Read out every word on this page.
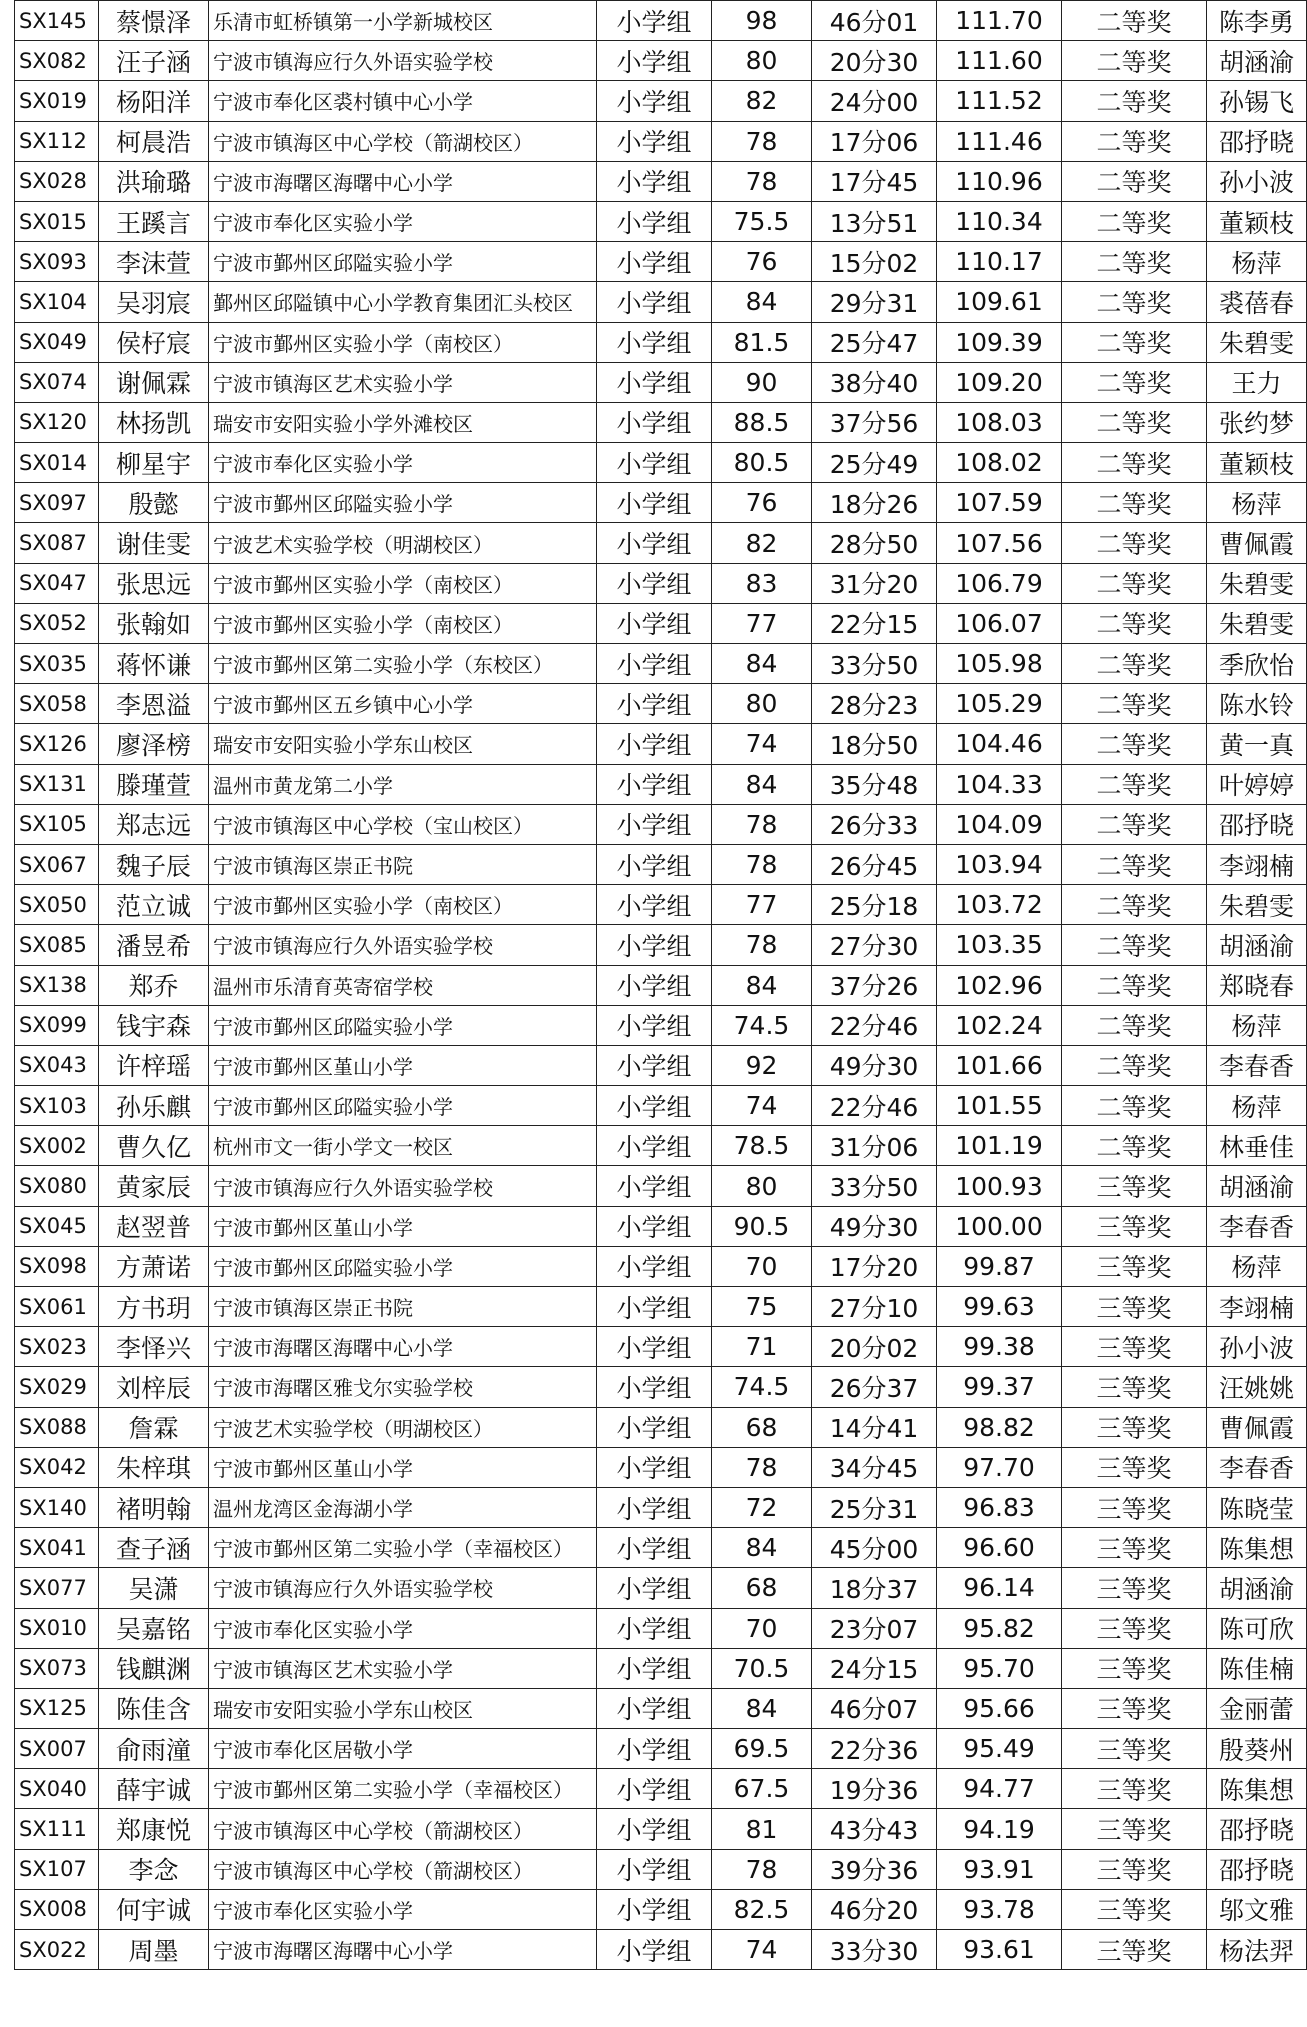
SX145	蔡憬泽	乐清市虹桥镇第一小学新城校区	小学组	98	46分01	111.70	二等奖	陈李勇
SX082	汪子涵	宁波市镇海应行久外语实验学校	小学组	80	20分30	111.60	二等奖	胡涵渝
SX019	杨阳洋	宁波市奉化区裘村镇中心小学	小学组	82	24分00	111.52	二等奖	孙锡飞
SX112	柯晨浩	宁波市镇海区中心学校（箭湖校区）	小学组	78	17分06	111.46	二等奖	邵抒晓
SX028	洪瑜璐	宁波市海曙区海曙中心小学	小学组	78	17分45	110.96	二等奖	孙小波
SX015	王蹊言	宁波市奉化区实验小学	小学组	75.5	13分51	110.34	二等奖	董颖枝
SX093	李沫萱	宁波市鄞州区邱隘实验小学	小学组	76	15分02	110.17	二等奖	杨萍
SX104	吴羽宸	鄞州区邱隘镇中心小学教育集团汇头校区	小学组	84	29分31	109.61	二等奖	裘蓓春
SX049	侯杍宸	宁波市鄞州区实验小学（南校区）	小学组	81.5	25分47	109.39	二等奖	朱碧雯
SX074	谢佩霖	宁波市镇海区艺术实验小学	小学组	90	38分40	109.20	二等奖	王力
SX120	林扬凯	瑞安市安阳实验小学外滩校区	小学组	88.5	37分56	108.03	二等奖	张约梦
SX014	柳星宇	宁波市奉化区实验小学	小学组	80.5	25分49	108.02	二等奖	董颖枝
SX097	殷懿	宁波市鄞州区邱隘实验小学	小学组	76	18分26	107.59	二等奖	杨萍
SX087	谢佳雯	宁波艺术实验学校（明湖校区）	小学组	82	28分50	107.56	二等奖	曹佩霞
SX047	张思远	宁波市鄞州区实验小学（南校区）	小学组	83	31分20	106.79	二等奖	朱碧雯
SX052	张翰如	宁波市鄞州区实验小学（南校区）	小学组	77	22分15	106.07	二等奖	朱碧雯
SX035	蒋怀谦	宁波市鄞州区第二实验小学（东校区）	小学组	84	33分50	105.98	二等奖	季欣怡
SX058	李恩溢	宁波市鄞州区五乡镇中心小学	小学组	80	28分23	105.29	二等奖	陈水铃
SX126	廖泽榜	瑞安市安阳实验小学东山校区	小学组	74	18分50	104.46	二等奖	黄一真
SX131	滕瑾萱	温州市黄龙第二小学	小学组	84	35分48	104.33	二等奖	叶婷婷
SX105	郑志远	宁波市镇海区中心学校（宝山校区）	小学组	78	26分33	104.09	二等奖	邵抒晓
SX067	魏子辰	宁波市镇海区崇正书院	小学组	78	26分45	103.94	二等奖	李翊楠
SX050	范立诚	宁波市鄞州区实验小学（南校区）	小学组	77	25分18	103.72	二等奖	朱碧雯
SX085	潘昱希	宁波市镇海应行久外语实验学校	小学组	78	27分30	103.35	二等奖	胡涵渝
SX138	郑乔	温州市乐清育英寄宿学校	小学组	84	37分26	102.96	二等奖	郑晓春
SX099	钱宇森	宁波市鄞州区邱隘实验小学	小学组	74.5	22分46	102.24	二等奖	杨萍
SX043	许梓瑶	宁波市鄞州区堇山小学	小学组	92	49分30	101.66	二等奖	李春香
SX103	孙乐麒	宁波市鄞州区邱隘实验小学	小学组	74	22分46	101.55	二等奖	杨萍
SX002	曹久亿	杭州市文一街小学文一校区	小学组	78.5	31分06	101.19	二等奖	林垂佳
SX080	黄家辰	宁波市镇海应行久外语实验学校	小学组	80	33分50	100.93	三等奖	胡涵渝
SX045	赵翌普	宁波市鄞州区堇山小学	小学组	90.5	49分30	100.00	三等奖	李春香
SX098	方萧诺	宁波市鄞州区邱隘实验小学	小学组	70	17分20	99.87	三等奖	杨萍
SX061	方书玥	宁波市镇海区崇正书院	小学组	75	27分10	99.63	三等奖	李翊楠
SX023	李怿兴	宁波市海曙区海曙中心小学	小学组	71	20分02	99.38	三等奖	孙小波
SX029	刘梓辰	宁波市海曙区雅戈尔实验学校	小学组	74.5	26分37	99.37	三等奖	汪姚姚
SX088	詹霖	宁波艺术实验学校（明湖校区）	小学组	68	14分41	98.82	三等奖	曹佩霞
SX042	朱梓琪	宁波市鄞州区堇山小学	小学组	78	34分45	97.70	三等奖	李春香
SX140	褚明翰	温州龙湾区金海湖小学	小学组	72	25分31	96.83	三等奖	陈晓莹
SX041	查子涵	宁波市鄞州区第二实验小学（幸福校区）	小学组	84	45分00	96.60	三等奖	陈集想
SX077	吴潇	宁波市镇海应行久外语实验学校	小学组	68	18分37	96.14	三等奖	胡涵渝
SX010	吴嘉铭	宁波市奉化区实验小学	小学组	70	23分07	95.82	三等奖	陈可欣
SX073	钱麒渊	宁波市镇海区艺术实验小学	小学组	70.5	24分15	95.70	三等奖	陈佳楠
SX125	陈佳含	瑞安市安阳实验小学东山校区	小学组	84	46分07	95.66	三等奖	金丽蕾
SX007	俞雨潼	宁波市奉化区居敬小学	小学组	69.5	22分36	95.49	三等奖	殷葵州
SX040	薛宇诚	宁波市鄞州区第二实验小学（幸福校区）	小学组	67.5	19分36	94.77	三等奖	陈集想
SX111	郑康悦	宁波市镇海区中心学校（箭湖校区）	小学组	81	43分43	94.19	三等奖	邵抒晓
SX107	李念	宁波市镇海区中心学校（箭湖校区）	小学组	78	39分36	93.91	三等奖	邵抒晓
SX008	何宇诚	宁波市奉化区实验小学	小学组	82.5	46分20	93.78	三等奖	邬文雅
SX022	周墨	宁波市海曙区海曙中心小学	小学组	74	33分30	93.61	三等奖	杨法羿
